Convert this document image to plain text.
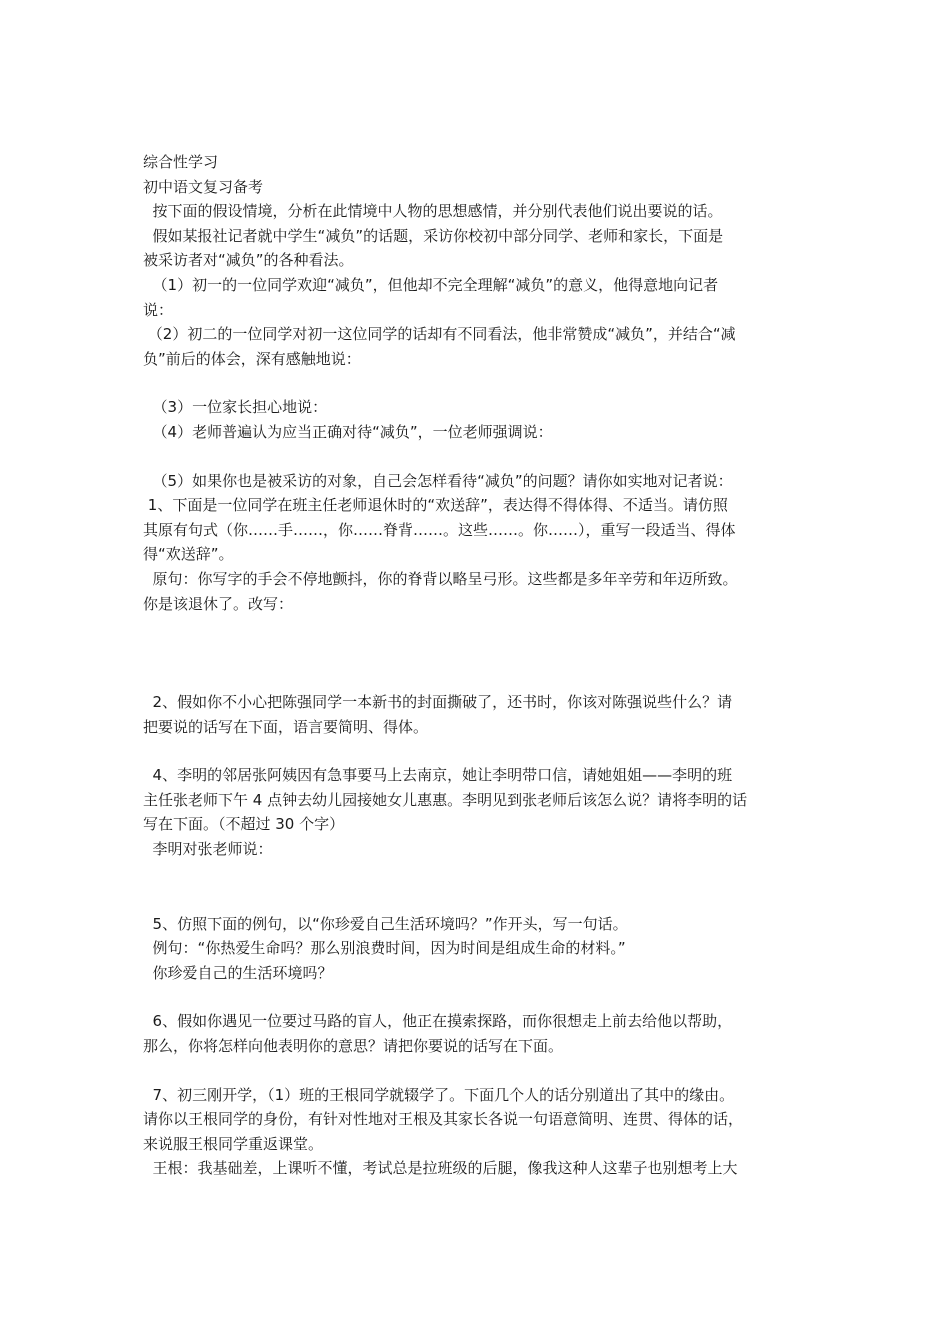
综合性学习

初中语文复习备考

按下面的假设情境，分析在此情境中人物的思想感情，并分别代表他们说出要说的话。

假如某报社记者就中学生“减负”的话题，采访你校初中部分同学、老师和家长，下面是

被采访者对“减负”的各种看法。

（1）初一的一位同学欢迎“减负”，但他却不完全理解“减负”的意义，他得意地向记者

说：

（2）初二的一位同学对初一这位同学的话却有不同看法，他非常赞成“减负”，并结合“减

负”前后的体会，深有感触地说：

（3）一位家长担心地说：

（4）老师普遍认为应当正确对待“减负”，一位老师强调说：

（5）如果你也是被采访的对象，自己会怎样看待“减负”的问题？请你如实地对记者说：

1、下面是一位同学在班主任老师退休时的“欢送辞”，表达得不得体得、不适当。请仿照

其原有句式（你……手……，你……脊背……。这些……。你……），重写一段适当、得体

得“欢送辞”。

原句：你写字的手会不停地颤抖，你的脊背以略呈弓形。这些都是多年辛劳和年迈所致。

你是该退休了。改写：

2、假如你不小心把陈强同学一本新书的封面撕破了，还书时，你该对陈强说些什么？请

把要说的话写在下面，语言要简明、得体。

4、李明的邻居张阿姨因有急事要马上去南京，她让李明带口信，请她姐姐——李明的班

主任张老师下午 4 点钟去幼儿园接她女儿惠惠。李明见到张老师后该怎么说？请将李明的话

写在下面。（不超过 30 个字）

李明对张老师说：

5、仿照下面的例句，以“你珍爱自己生活环境吗？”作开头，写一句话。

例句：“你热爱生命吗？那么别浪费时间，因为时间是组成生命的材料。”

你珍爱自己的生活环境吗？

6、假如你遇见一位要过马路的盲人，他正在摸索探路，而你很想走上前去给他以帮助，

那么，你将怎样向他表明你的意思？请把你要说的话写在下面。

7、初三刚开学，（1）班的王根同学就辍学了。下面几个人的话分别道出了其中的缘由。

请你以王根同学的身份，有针对性地对王根及其家长各说一句语意简明、连贯、得体的话，

来说服王根同学重返课堂。

王根：我基础差，上课听不懂，考试总是拉班级的后腿，像我这种人这辈子也别想考上大
